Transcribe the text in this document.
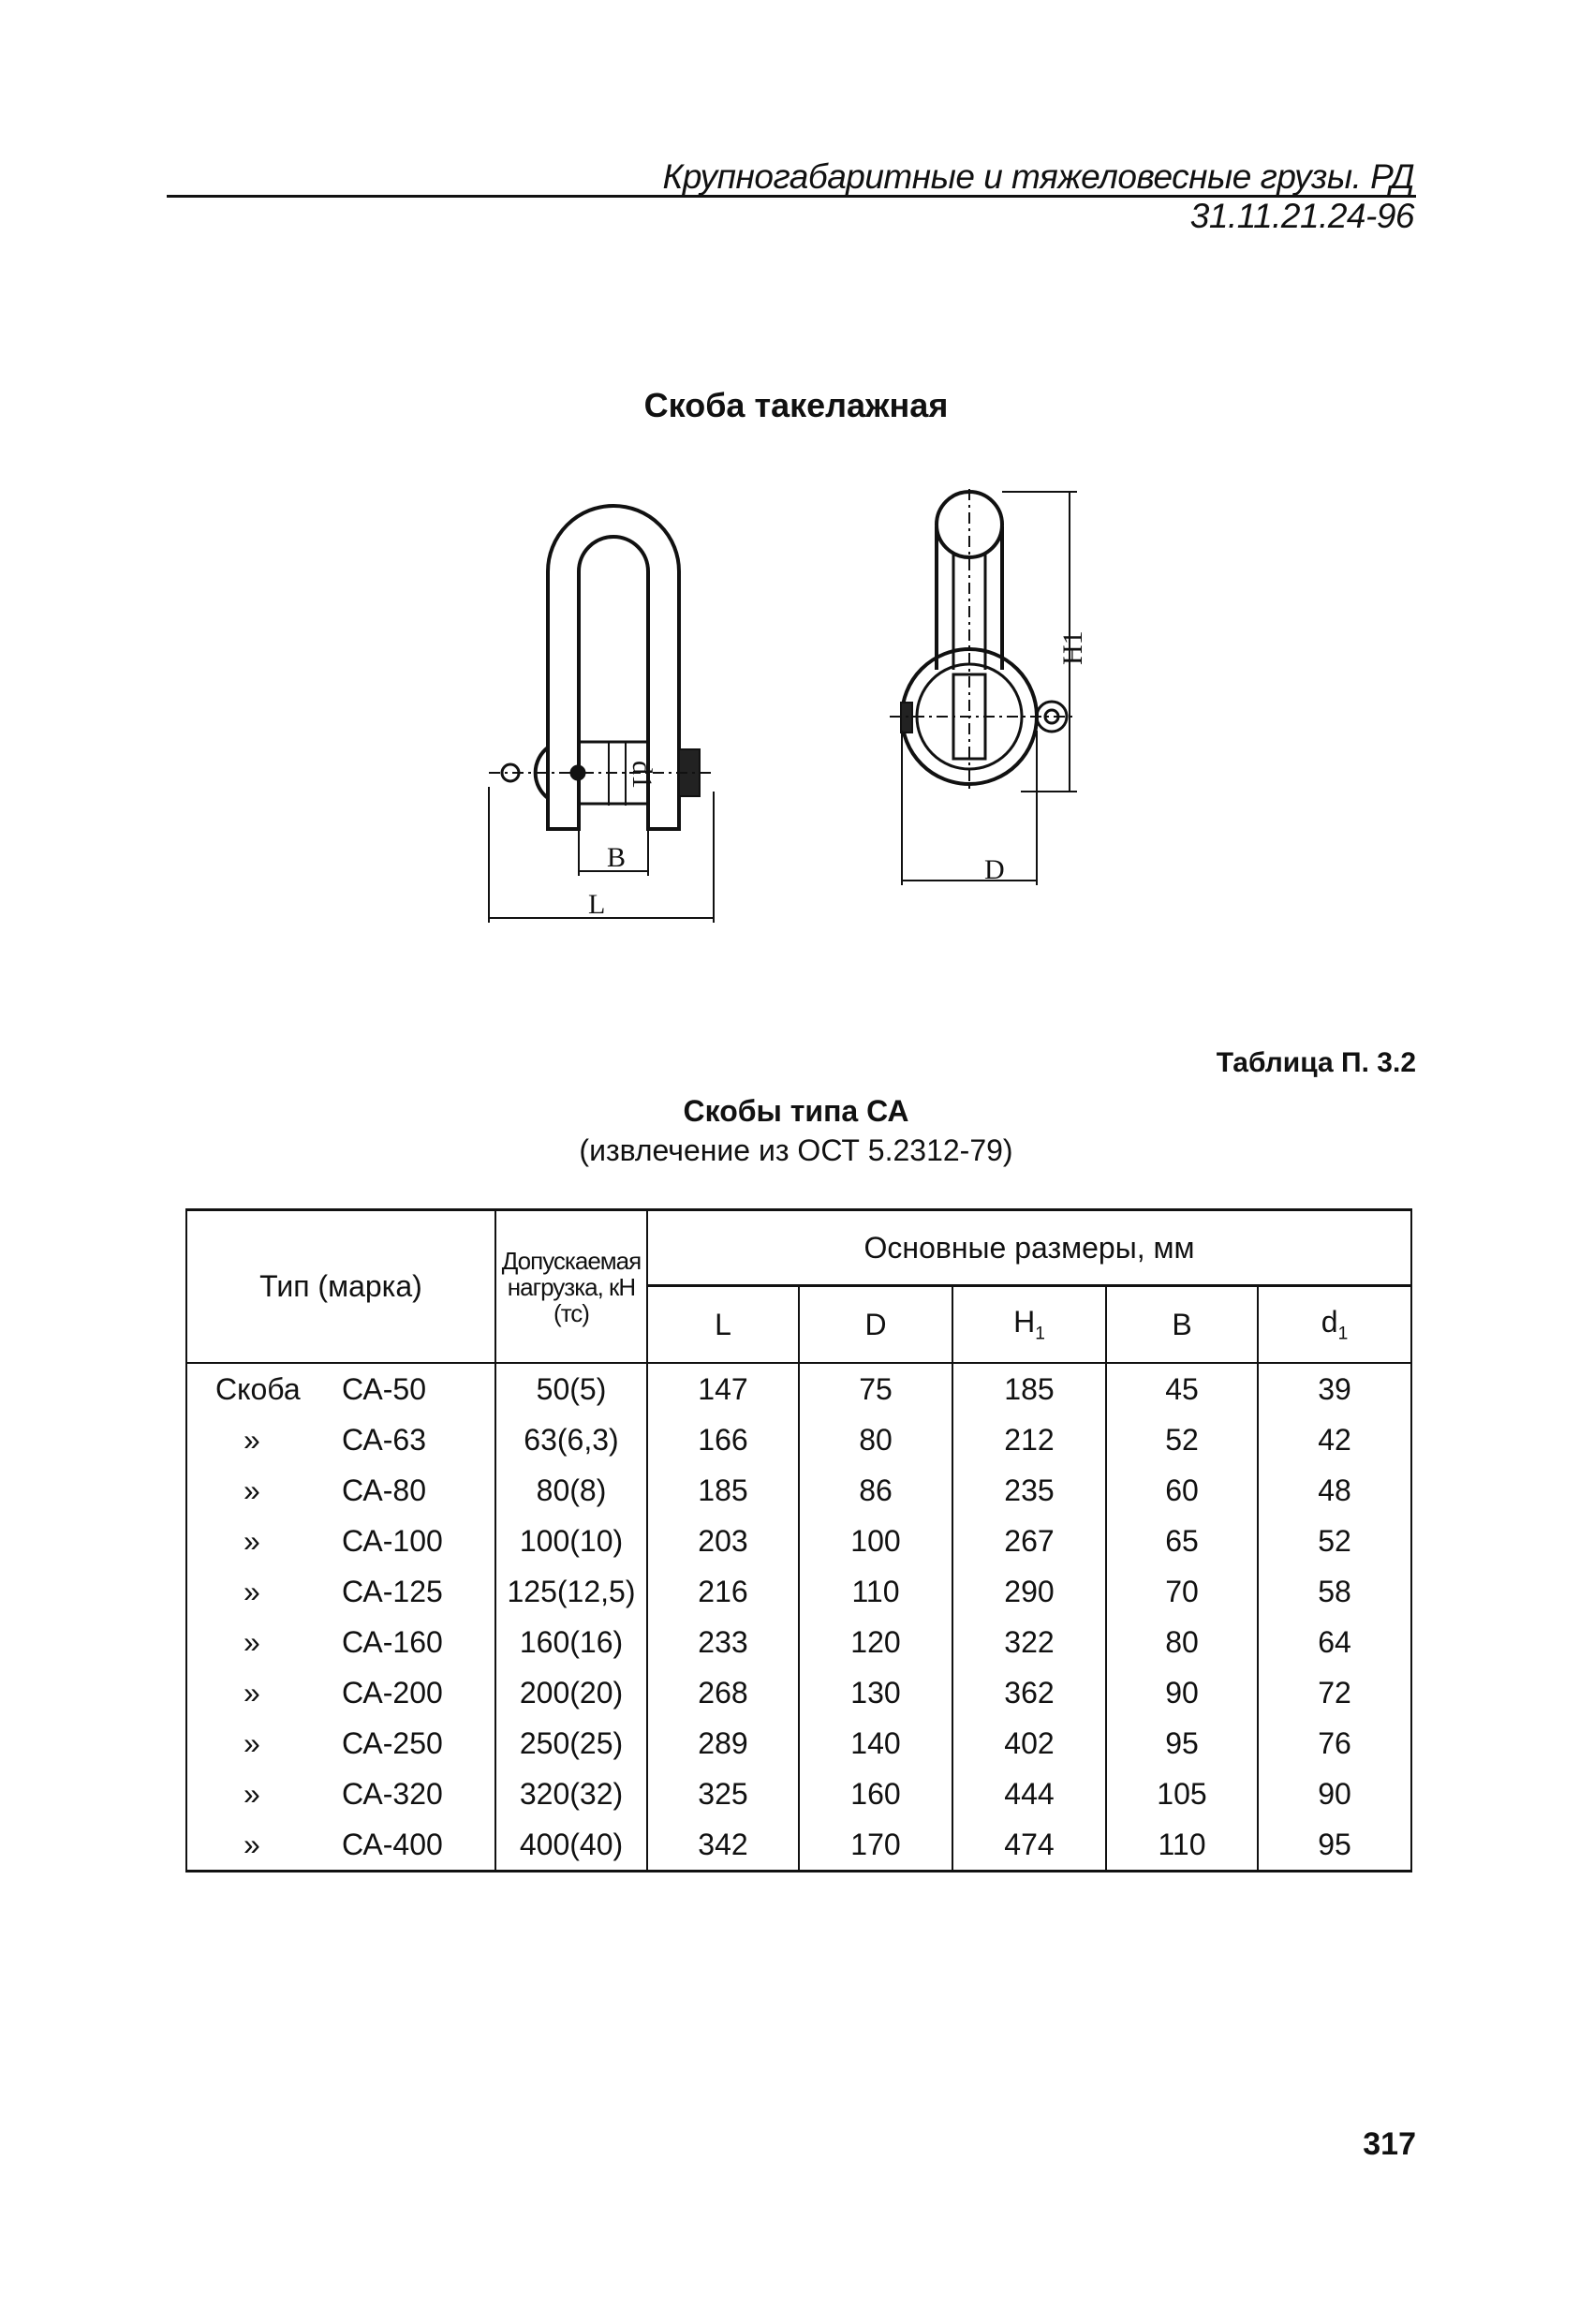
Крупногабаритные и тяжеловесные грузы. РД 31.11.21.24-96
Скоба такелажная
d1
B
L
H1
D
Таблица П. 3.2
Скобы типа СА
(извлечение из ОСТ 5.2312-79)
Тип (марка)	Допускаемая нагрузка, кН (тс)	Основные размеры, мм				
		L	D	$H_1$	B	$d_1$
Скоба СА-50	50(5)	147	75	185	45	39
» СА-63	63(6,3)	166	80	212	52	42
» СА-80	80(8)	185	86	235	60	48
» СА-100	100(10)	203	100	267	65	52
» СА-125	125(12,5)	216	110	290	70	58
» СА-160	160(16)	233	120	322	80	64
» СА-200	200(20)	268	130	362	90	72
» СА-250	250(25)	289	140	402	95	76
» СА-320	320(32)	325	160	444	105	90
» СА-400	400(40)	342	170	474	110	95
317
